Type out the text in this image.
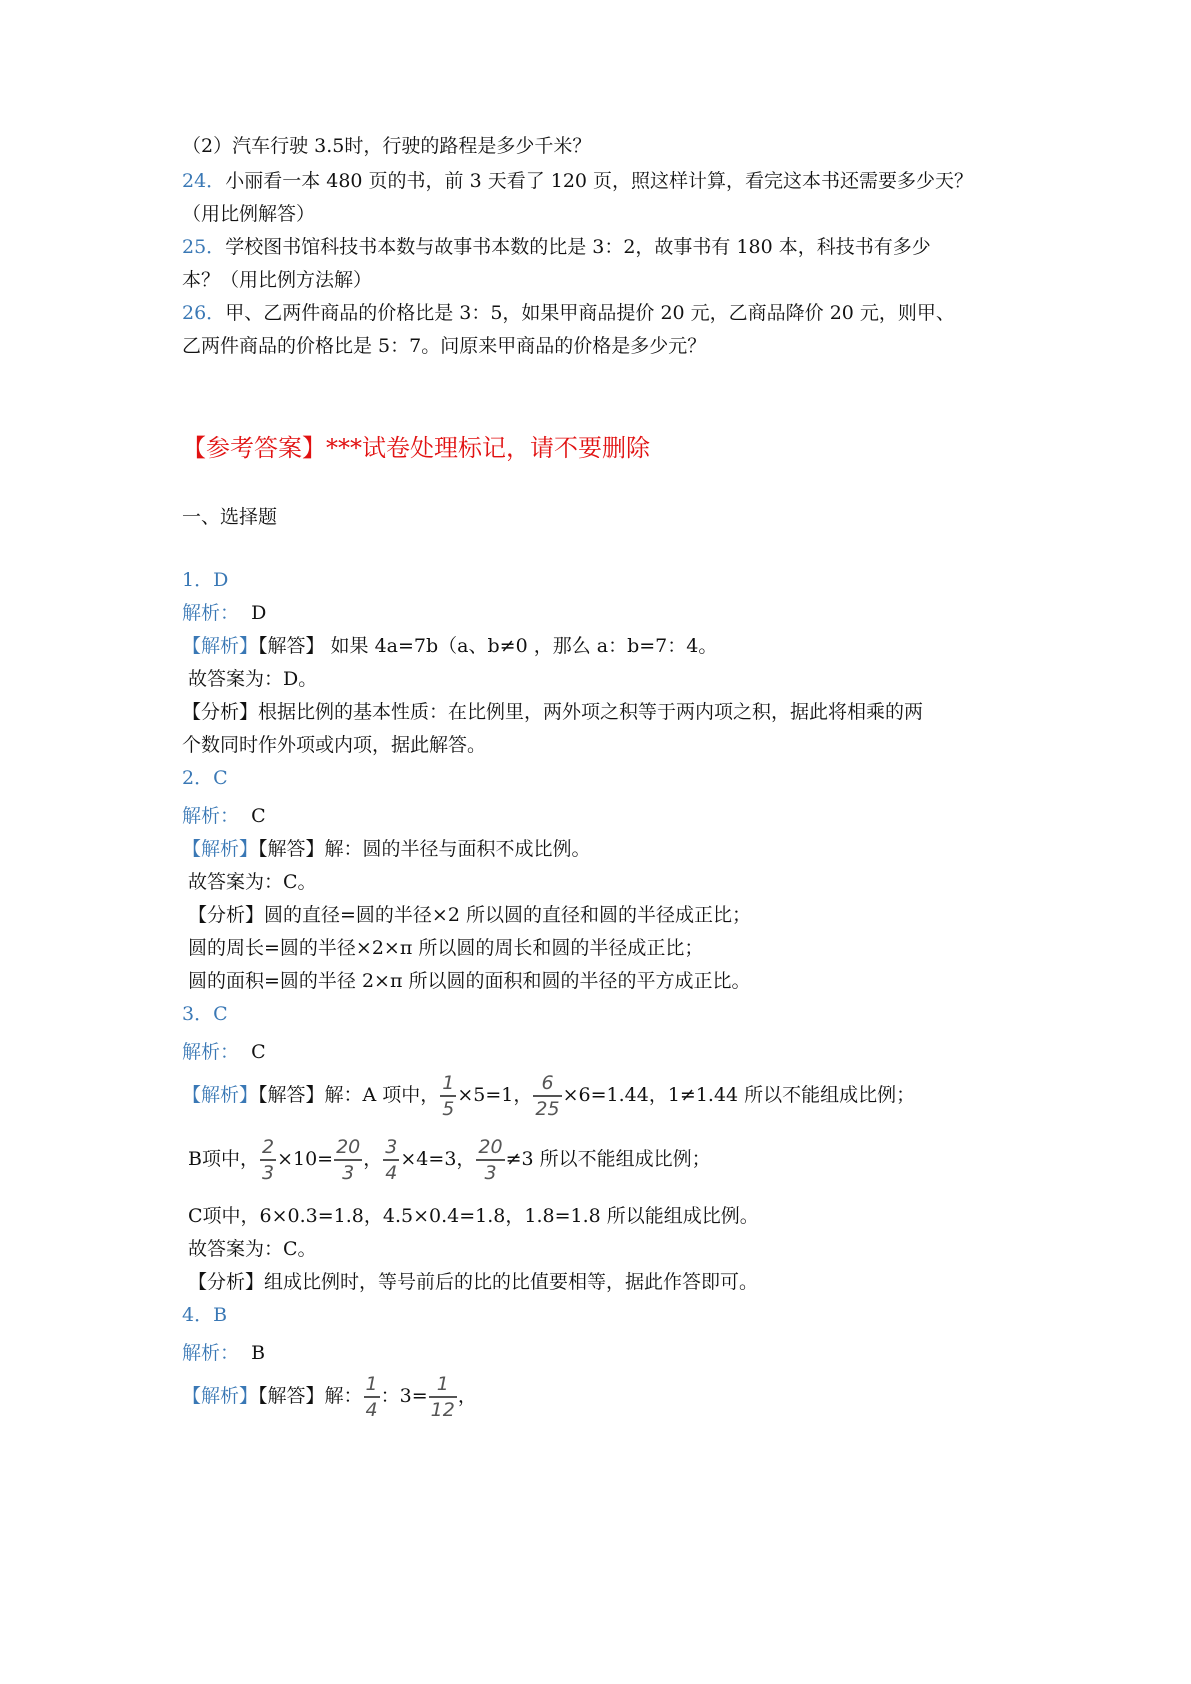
（2）汽车行驶 3.5时，行驶的路程是多少千米？
24．小丽看一本 480 页的书，前 3 天看了 120 页，照这样计算，看完这本书还需要多少天？
（用比例解答）
25．学校图书馆科技书本数与故事书本数的比是 3：2，故事书有 180 本，科技书有多少
本？（用比例方法解）
26．甲、乙两件商品的价格比是 3：5，如果甲商品提价 20 元，乙商品降价 20 元，则甲、
乙两件商品的价格比是 5：7。问原来甲商品的价格是多少元？
【参考答案】***试卷处理标记，请不要删除
一、选择题
1．D
解析： D
【解析】【解答】 如果 4a=7b（a、b≠0 ，那么 a：b=7：4。
故答案为：D。
【分析】根据比例的基本性质：在比例里，两外项之积等于两内项之积，据此将相乘的两
个数同时作外项或内项，据此解答。
2．C
解析： C
【解析】【解答】解：圆的半径与面积不成比例。
故答案为：C。
【分析】圆的直径=圆的半径×2 所以圆的直径和圆的半径成正比；
圆的周长=圆的半径×2×π 所以圆的周长和圆的半径成正比；
圆的面积=圆的半径 2×π 所以圆的面积和圆的半径的平方成正比。
3．C
解析： C
【解析】【解答】解：A 项中， $\frac{1}{5} \times 5=1$， $\frac{6}{25} \times 6=1.44$，1≠1.44 所以不能组成比例；
B项中， $\frac{2}{3} \times 10= \frac{20}{3}$ ， $\frac{3}{4} \times 4=3$， $\frac{20}{3} \ne 3$ 所以不能组成比例；
C项中，6×0.3=1.8，4.5×0.4=1.8，1.8=1.8 所以能组成比例。
故答案为：C。
【分析】组成比例时，等号前后的比的比值要相等，据此作答即可。
4．B
解析： B
【解析】【解答】解： $\frac{1}{4}$ ：$3= \frac{1}{12}$ ，
